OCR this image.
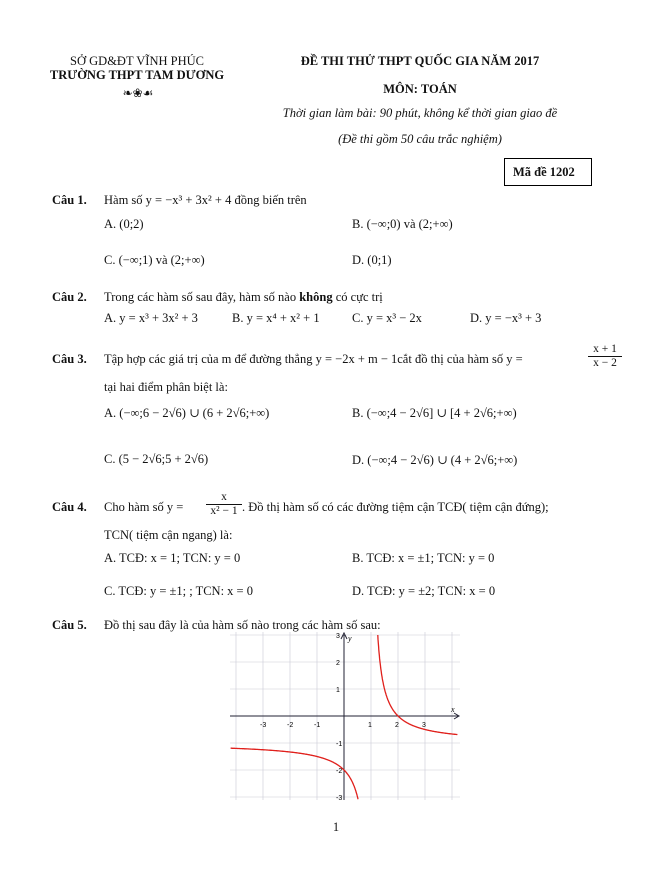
SỞ GD&ĐT VĨNH PHÚC
TRƯỜNG THPT TAM DƯƠNG
❧❀☙
ĐỀ THI THỬ THPT QUỐC GIA NĂM 2017
MÔN: TOÁN
Thời gian làm bài: 90 phút, không kể thời gian giao đề
(Đề thi gồm 50 câu trắc nghiệm)
Mã đề 1202
Câu 1. Hàm số y = −x³ + 3x² + 4 đồng biến trên
A. (0;2)	B. (−∞;0) và (2;+∞)
C. (−∞;1) và (2;+∞)	D. (0;1)
Câu 2. Trong các hàm số sau đây, hàm số nào không có cực trị
A. y = x³ + 3x² + 3	B. y = x⁴ + x² + 1	C. y = x³ − 2x	D. y = −x³ + 3
Câu 3. Tập hợp các giá trị của m để đường thẳng y = −2x + m − 1cắt đồ thị của hàm số y =	$\frac{x + 1}{x - 2}$
tại hai điểm phân biệt là:
A. (−∞;6 − 2√6) ∪ (6 + 2√6;+∞)	B. (−∞;4 − 2√6] ∪ [4 + 2√6;+∞)
C. (5 − 2√6;5 + 2√6)	D. (−∞;4 − 2√6) ∪ (4 + 2√6;+∞)
Câu 4. Cho hàm số $y = \frac{x}{\text{x² − 1}}$ . Đồ thị hàm số có các đường tiệm cận TCĐ( tiệm cận đứng);
TCN( tiệm cận ngang) là:
A. TCĐ: x = 1; TCN: y = 0	B. TCĐ: x = ±1; TCN: y = 0
C. TCĐ: y = ±1; ; TCN: x = 0	D. TCĐ: y = ±2; TCN: x = 0
Câu 5. Đồ thị sau đây là của hàm số nào trong các hàm số sau:
x
y
-3	-2	-1	1	2	3
3
2
1
-1
-2
-3
1
